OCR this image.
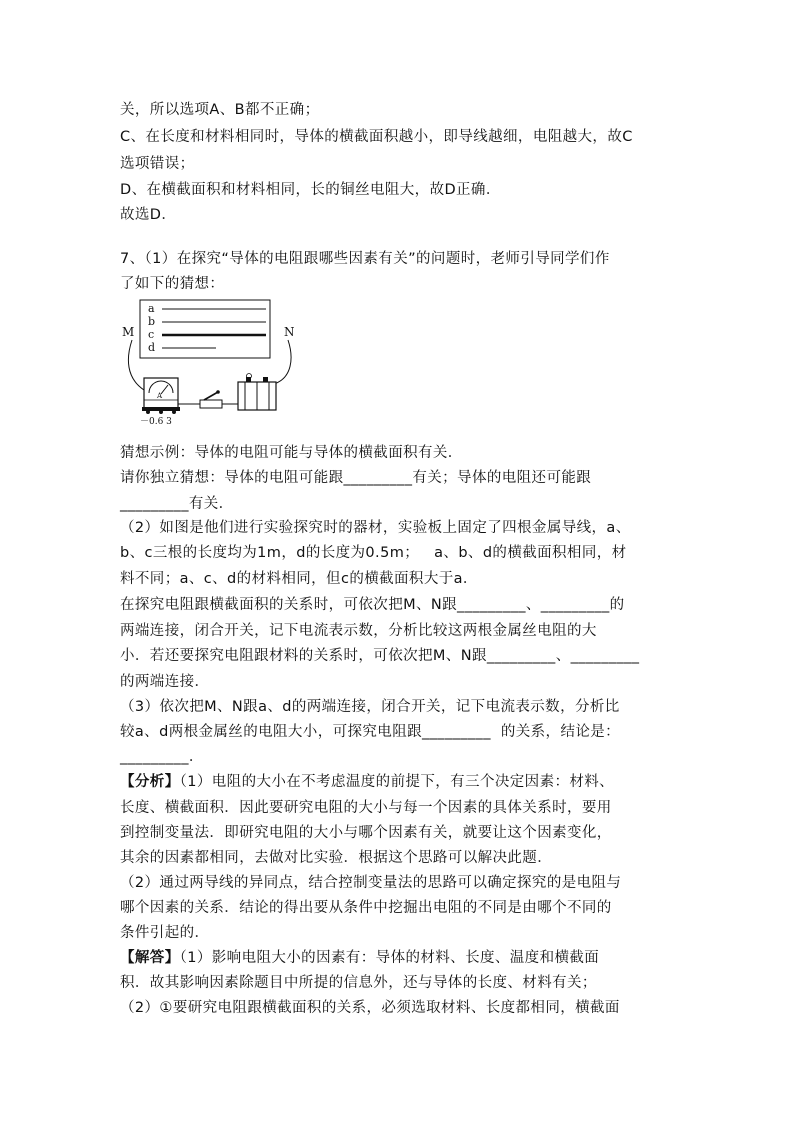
关，所以选项A、B都不正确；
C、在长度和材料相同时，导体的横截面积越小，即导线越细，电阻越大，故C
选项错误；
D、在横截面积和材料相同，长的铜丝电阻大，故D正确．
故选D．
7、（1）在探究“导体的电阻跟哪些因素有关”的问题时，老师引导同学们作
了如下的猜想：
a
b
c
d
M	N
A
－0.6 3
猜想示例：导体的电阻可能与导体的横截面积有关．
请你独立猜想：导体的电阻可能跟_________有关；导体的电阻还可能跟
_________有关．
（2）如图是他们进行实验探究时的器材，实验板上固定了四根金属导线，a、
b、c三根的长度均为1m，d的长度为0.5m；   a、b、d的横截面积相同，材
料不同；a、c、d的材料相同，但c的横截面积大于a．
在探究电阻跟横截面积的关系时，可依次把M、N跟_________、_________的
两端连接，闭合开关，记下电流表示数，分析比较这两根金属丝电阻的大
小．若还要探究电阻跟材料的关系时，可依次把M、N跟_________、_________
的两端连接．
（3）依次把M、N跟a、d的两端连接，闭合开关，记下电流表示数，分析比
较a、d两根金属丝的电阻大小，可探究电阻跟_________  的关系，结论是：
_________．
【分析】（1）电阻的大小在不考虑温度的前提下，有三个决定因素：材料、
长度、横截面积．因此要研究电阻的大小与每一个因素的具体关系时，要用
到控制变量法．即研究电阻的大小与哪个因素有关，就要让这个因素变化，
其余的因素都相同，去做对比实验．根据这个思路可以解决此题．
（2）通过两导线的异同点，结合控制变量法的思路可以确定探究的是电阻与
哪个因素的关系．结论的得出要从条件中挖掘出电阻的不同是由哪个不同的
条件引起的．
【解答】（1）影响电阻大小的因素有：导体的材料、长度、温度和横截面
积．故其影响因素除题目中所提的信息外，还与导体的长度、材料有关；
（2）①要研究电阻跟横截面积的关系，必须选取材料、长度都相同，横截面
